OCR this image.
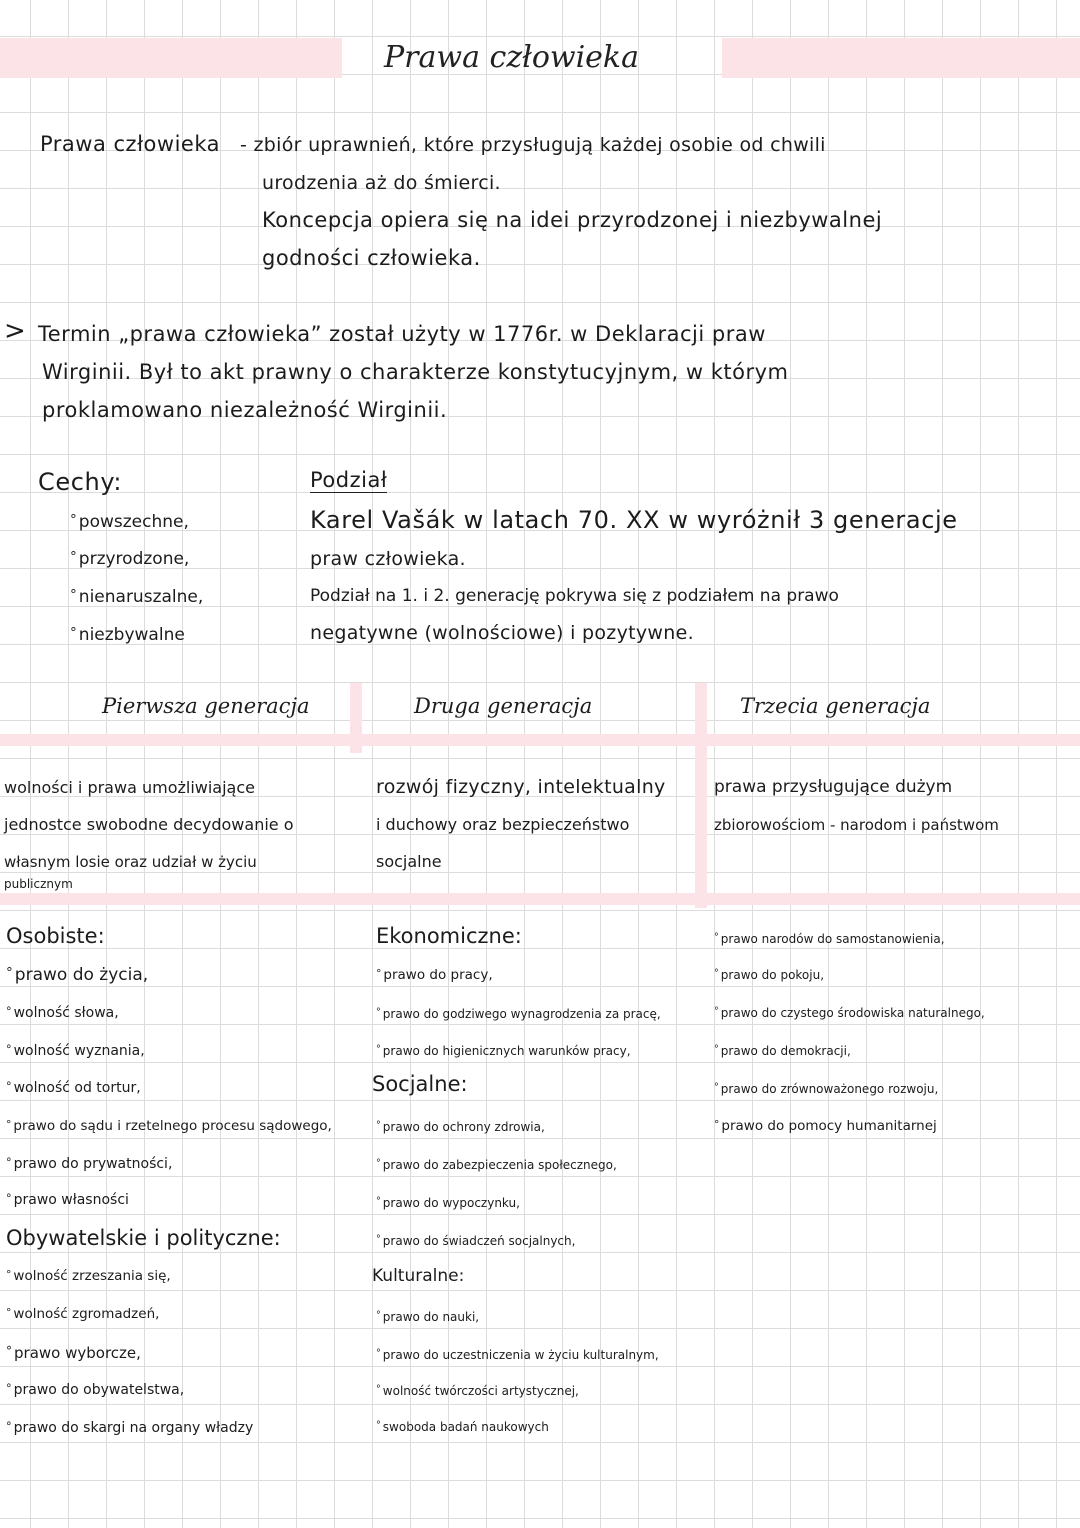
Prawa człowieka
Prawa człowieka - zbiór uprawnień, które przysługują każdej osobie od chwili
urodzenia aż do śmierci.
Koncepcja opiera się na idei przyrodzonej i niezbywalnej
godności człowieka.
> Termin „prawa człowieka” został użyty w 1776r. w Deklaracji praw
Wirginii. Był to akt prawny o charakterze konstytucyjnym, w którym
proklamowano niezależność Wirginii.
Cechy:
° powszechne,
° przyrodzone,
° nienaruszalne,
° niezbywalne
Podział
Karel Vašák w latach 70. XX w wyróżnił 3 generacje
praw człowieka.
Podział na 1. i 2. generację pokrywa się z podziałem na prawo
negatywne (wolnościowe) i pozytywne.
Pierwsza generacja	Druga generacja	Trzecia generacja
wolności i prawa umożliwiające
jednostce swobodne decydowanie o
własnym losie oraz udział w życiu
publicznym
rozwój fizyczny, intelektualny
i duchowy oraz bezpieczeństwo
socjalne
prawa przysługujące dużym
zbiorowościom - narodom i państwom
Osobiste:
° prawo do życia,
° wolność słowa,
° wolność wyznania,
° wolność od tortur,
° prawo do sądu i rzetelnego procesu sądowego,
° prawo do prywatności,
° prawo własności
Obywatelskie i polityczne:
° wolność zrzeszania się,
° wolność zgromadzeń,
° prawo wyborcze,
° prawo do obywatelstwa,
° prawo do skargi na organy władzy
Ekonomiczne:
° prawo do pracy,
° prawo do godziwego wynagrodzenia za pracę,
° prawo do higienicznych warunków pracy,
Socjalne:
° prawo do ochrony zdrowia,
° prawo do zabezpieczenia społecznego,
° prawo do wypoczynku,
° prawo do świadczeń socjalnych,
Kulturalne:
° prawo do nauki,
° prawo do uczestniczenia w życiu kulturalnym,
° wolność twórczości artystycznej,
° swoboda badań naukowych
° prawo narodów do samostanowienia,
° prawo do pokoju,
° prawo do czystego środowiska naturalnego,
° prawo do demokracji,
° prawo do zrównoważonego rozwoju,
° prawo do pomocy humanitarnej
